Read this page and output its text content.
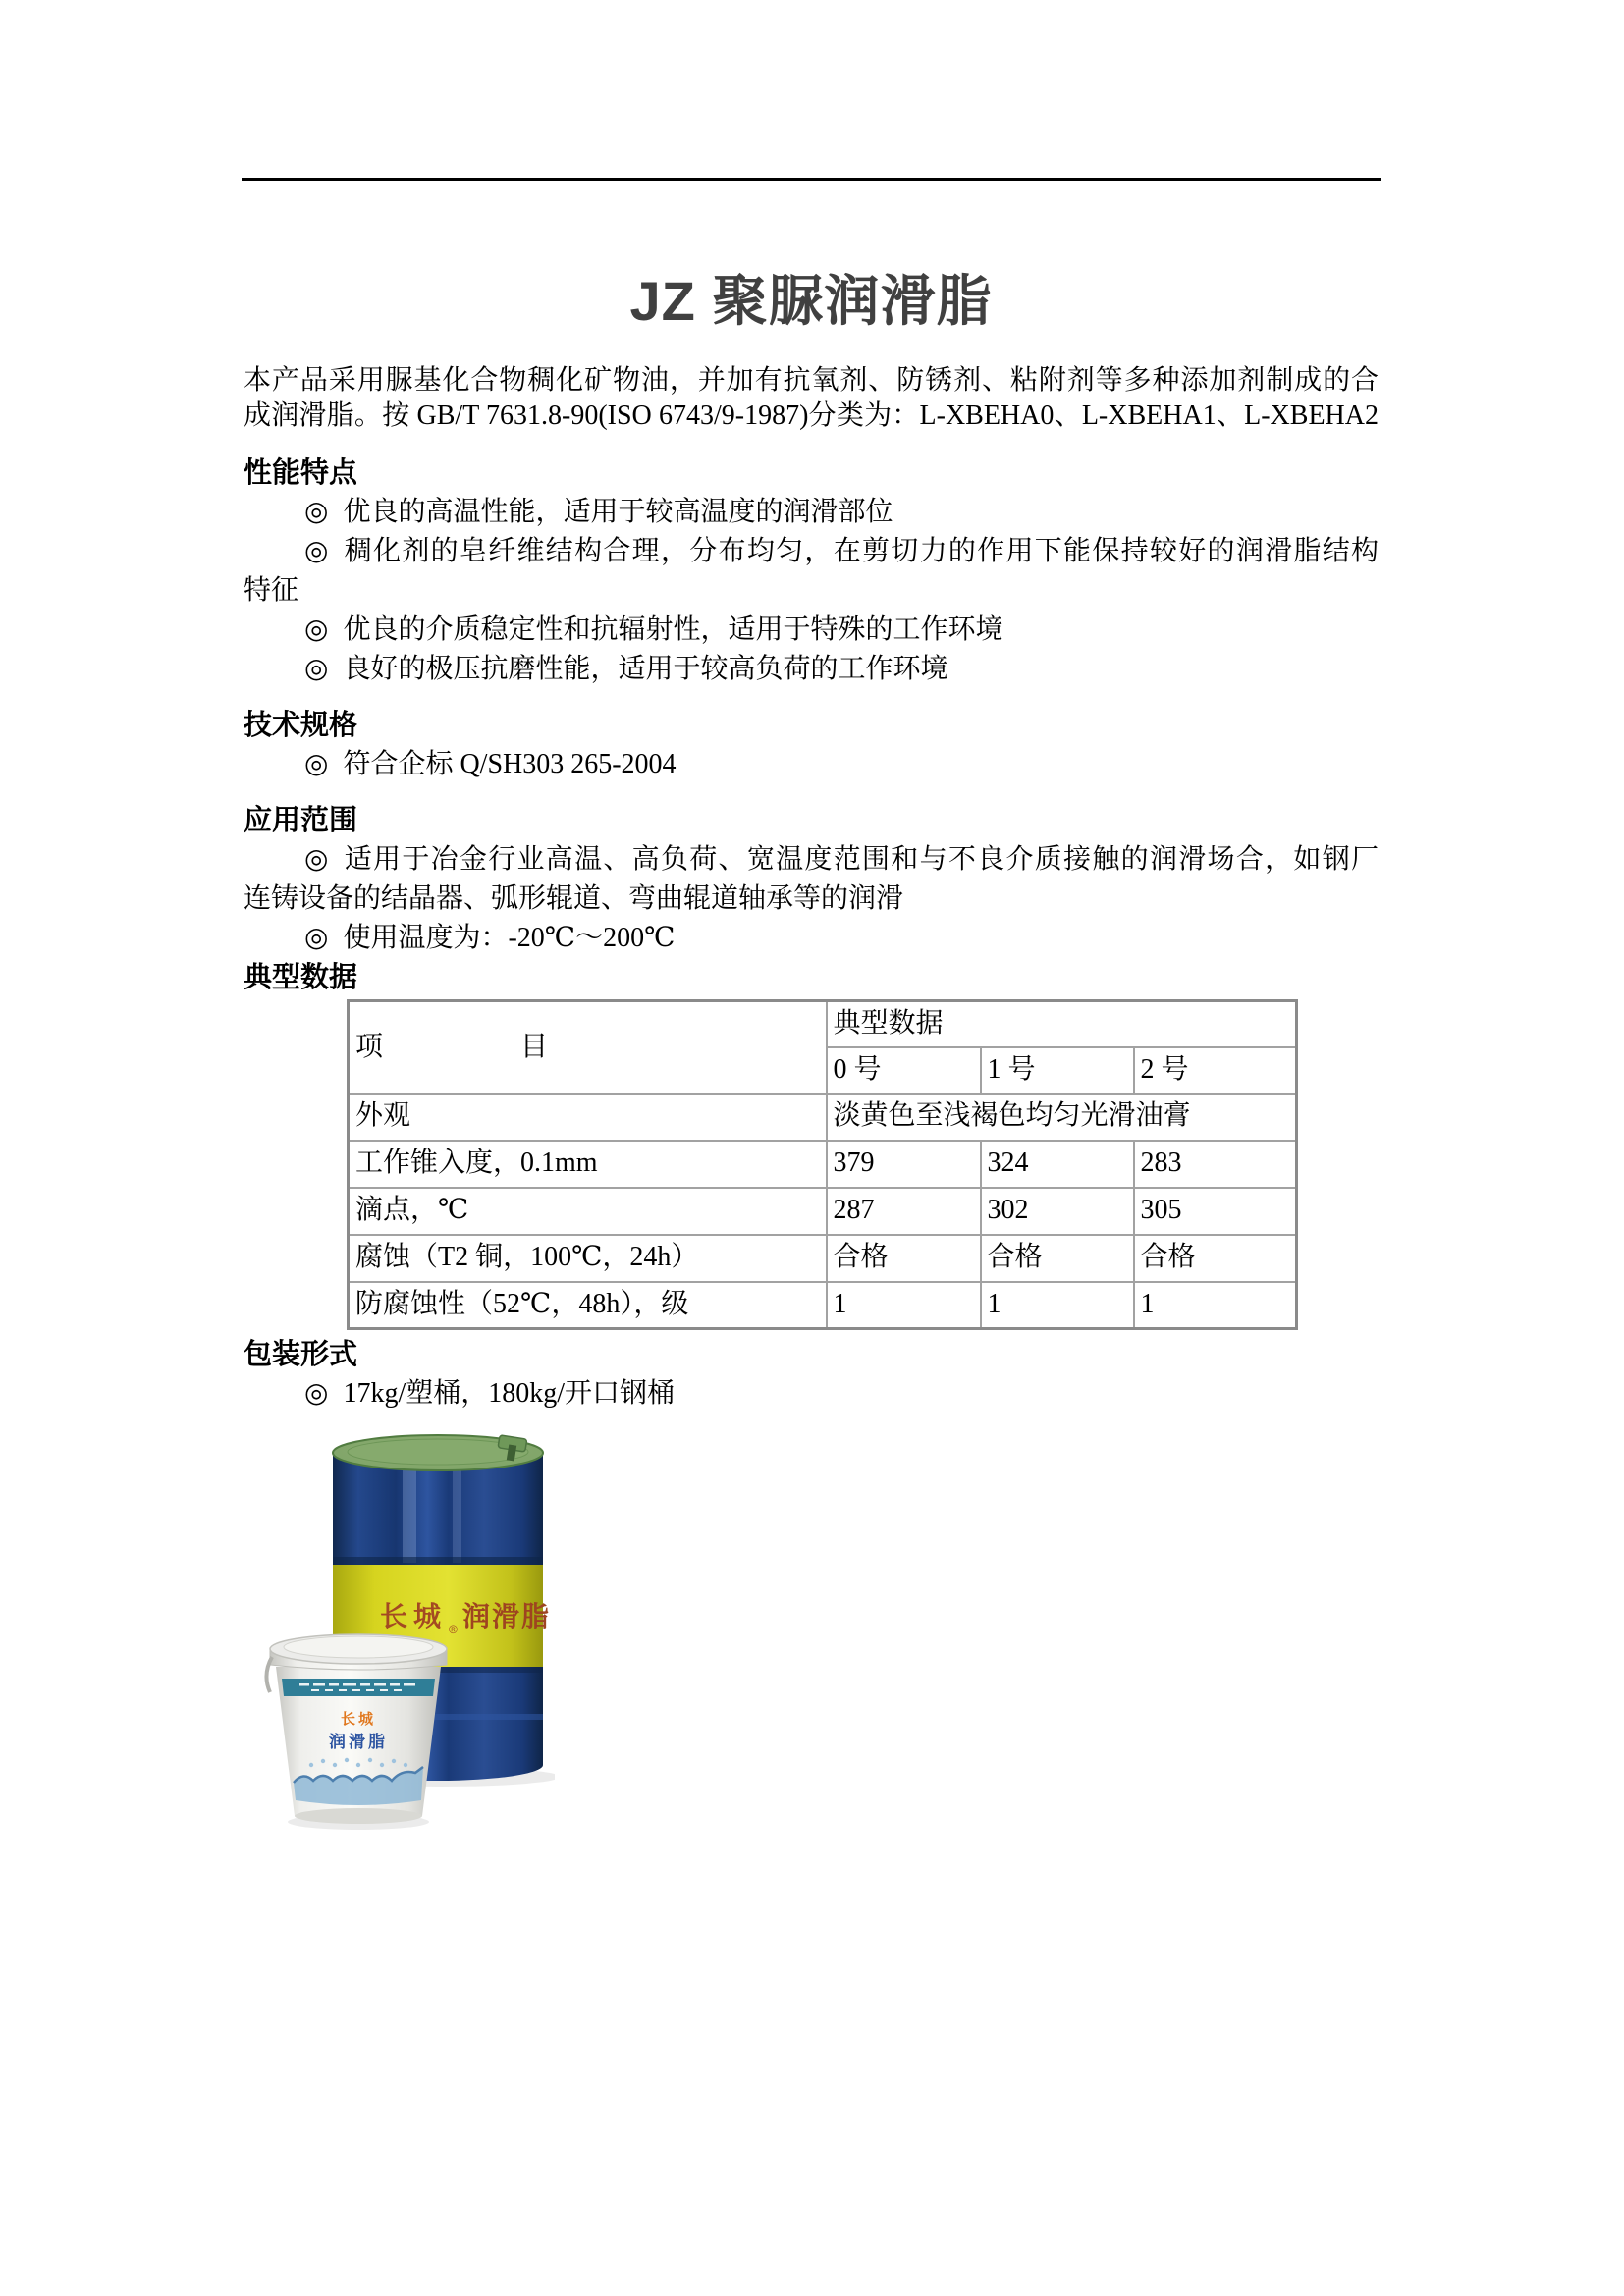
JZ 聚脲润滑脂
本产品采用脲基化合物稠化矿物油，并加有抗氧剂、防锈剂、粘附剂等多种添加剂制成的合
成润滑脂。按 GB/T 7631.8-90(ISO 6743/9-1987)分类为：L-XBEHA0、L-XBEHA1、L-XBEHA2
性能特点
◎ 优良的高温性能，适用于较高温度的润滑部位
◎ 稠化剂的皂纤维结构合理，分布均匀，在剪切力的作用下能保持较好的润滑脂结构
特征
◎ 优良的介质稳定性和抗辐射性，适用于特殊的工作环境
◎ 良好的极压抗磨性能，适用于较高负荷的工作环境
技术规格
◎ 符合企标 Q/SH303 265-2004
应用范围
◎ 适用于冶金行业高温、高负荷、宽温度范围和与不良介质接触的润滑场合，如钢厂
连铸设备的结晶器、弧形辊道、弯曲辊道轴承等的润滑
◎ 使用温度为：-20℃～200℃
典型数据
项　　　　　目	典型数据		
	0 号	1 号	2 号
外观	淡黄色至浅褐色均匀光滑油膏		
工作锥入度，0.1mm	379	324	283
滴点，℃	287	302	305
腐蚀（T2 铜，100℃，24h）	合格	合格	合格
防腐蚀性（52℃，48h），级	1	1	1
包装形式
◎ 17kg/塑桶，180kg/开口钢桶
长城 ® 润滑脂
长城
润滑脂
